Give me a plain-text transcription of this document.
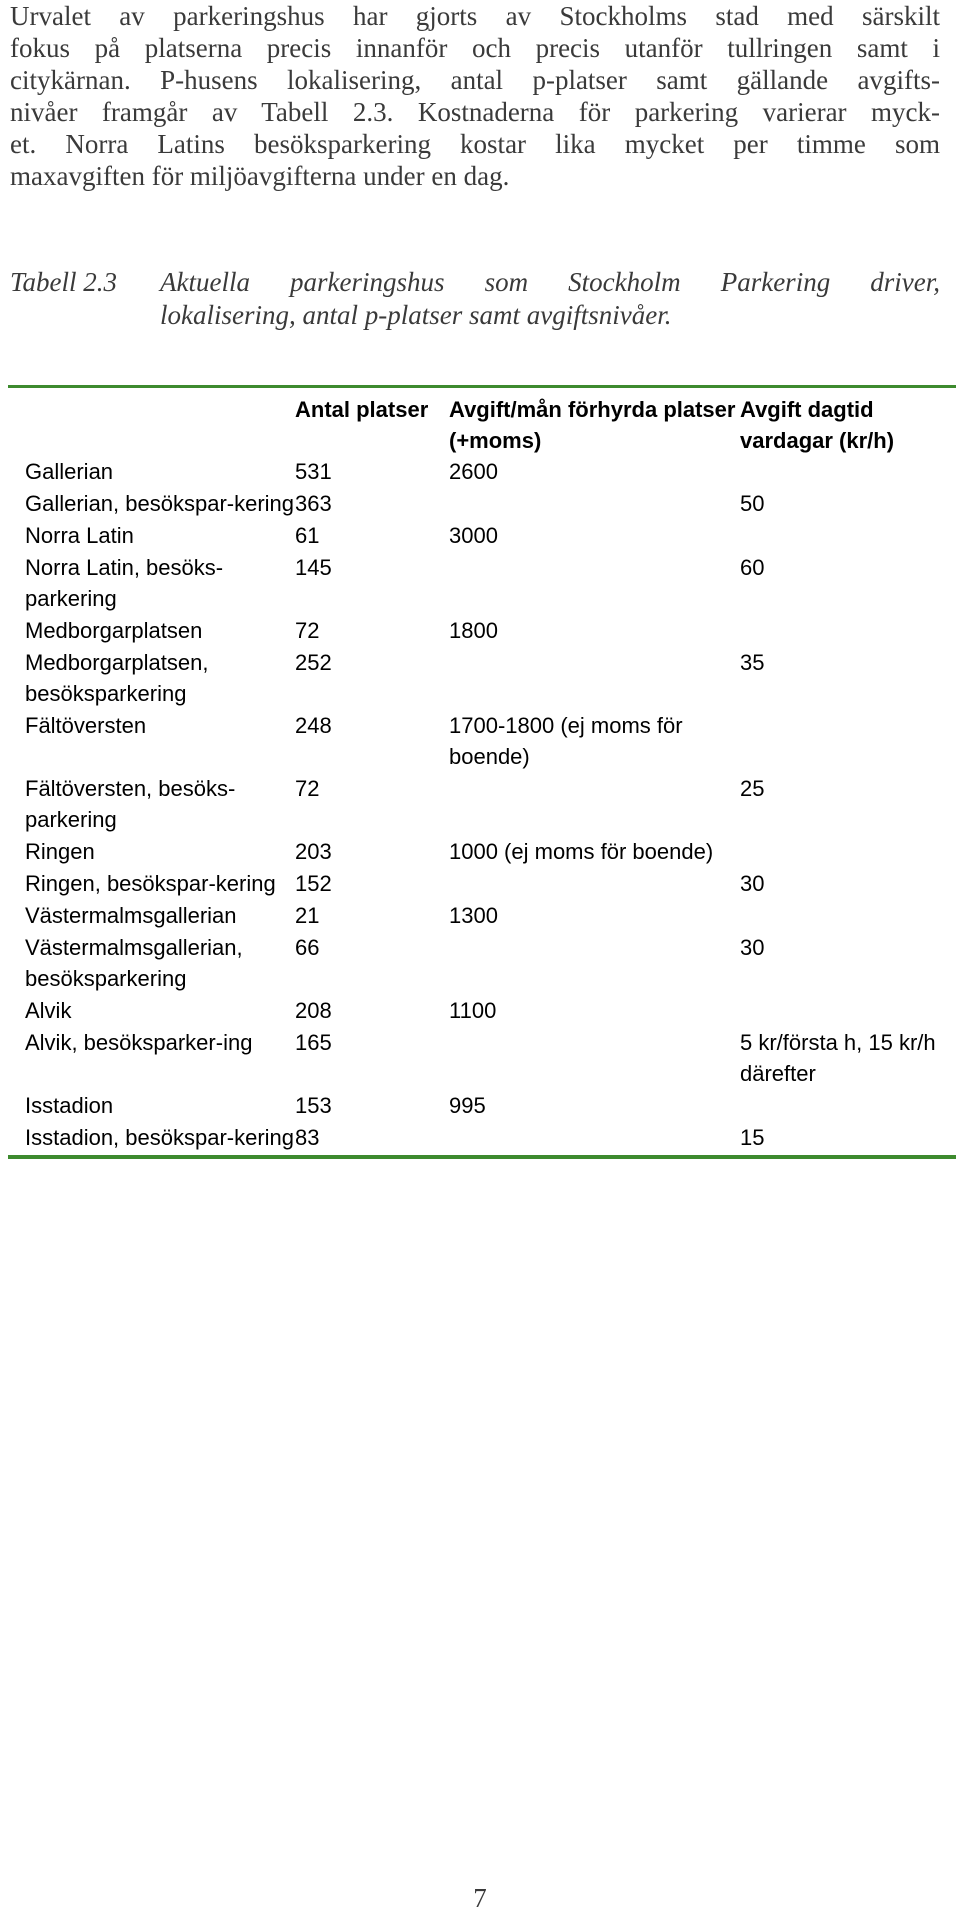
Urvalet av parkeringshus har gjorts av Stockholms stad med särskilt
fokus på platserna precis innanför och precis utanför tullringen samt i
citykärnan. P-husens lokalisering, antal p-platser samt gällande avgifts-
nivåer framgår av Tabell 2.3. Kostnaderna för parkering varierar myck-
et. Norra Latins besöksparkering kostar lika mycket per timme som
maxavgiften för miljöavgifterna under en dag.
Tabell 2.3 Aktuella parkeringshus som Stockholm Parkering driver,
lokalisering, antal p-platser samt avgiftsnivåer.
	Antal platser	Avgift/mån förhyrda platser (+moms)	Avgift dagtid vardagar (kr/h)
Gallerian	531	2600	
Gallerian, besökspar-kering	363		50
Norra Latin	61	3000	
Norra Latin, besöks-parkering	145		60
Medborgarplatsen	72	1800	
Medborgarplatsen, besöksparkering	252		35
Fältöversten	248	1700-1800 (ej moms för boende)	
Fältöversten, besöks-parkering	72		25
Ringen	203	1000 (ej moms för boende)	
Ringen, besökspar-kering	152		30
Västermalmsgallerian	21	1300	
Västermalmsgallerian, besöksparkering	66		30
Alvik	208	1100	
Alvik, besöksparker-ing	165		5 kr/första h, 15 kr/h därefter
Isstadion	153	995	
Isstadion, besökspar-kering	83		15
7
